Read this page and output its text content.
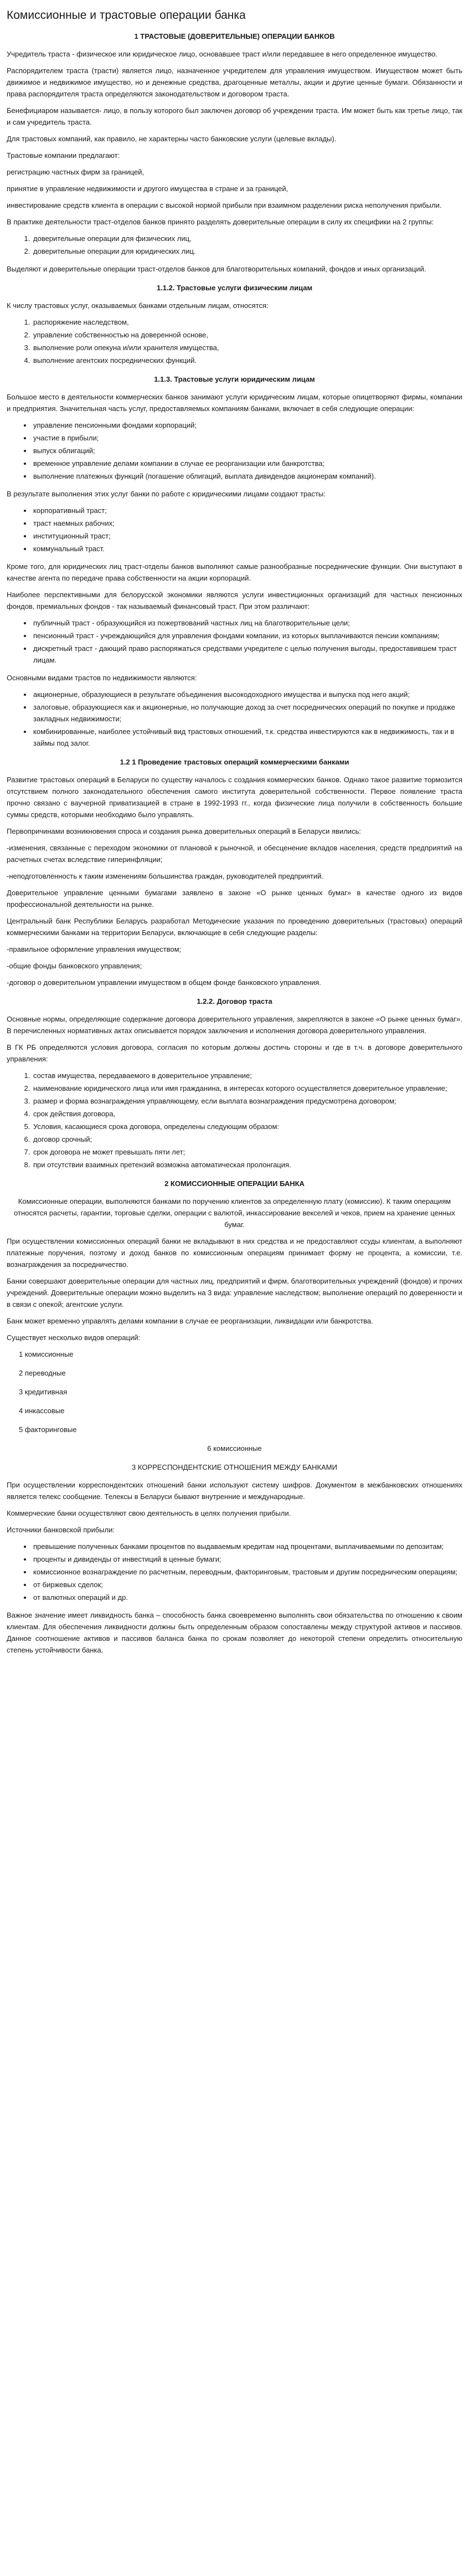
Комиссионные и трастовые операции банка
1 ТРАСТОВЫЕ (ДОВЕРИТЕЛЬНЫЕ) ОПЕРАЦИИ БАНКОВ

Учредитель траста - физическое или юридическое лицо, основавшее траст и/или передавшее в него определенное имущество.

Распорядителем траста (трасти) является лицо, назначенное учредителем для управления имуществом. Имуществом может быть движимое и недвижимое имущество, но и денежные средства, драгоценные металлы, акции и другие ценные бумаги. Обязанности и права распорядителя траста определяются законодательством и договором траста.

Бенефициаром называется- лицо, в пользу которого был заключен договор об учреждении траста. Им может быть как третье лицо, так и сам учредитель траста.

Для трастовых компаний, как правило, не характерны часто банковские услуги (целевые вклады).

Трастовые компании предлагают:

регистрацию частных фирм за границей,

принятие в управление недвижимости и другого имущества в стране и за границей,

инвестирование средств клиента в операции с высокой нормой прибыли при взаимном разделении риска неполучения прибыли.

В практике деятельности траст-отделов банков принято разделять доверительные операции в силу их специфики на 2 группы:

1. доверительные операции для физических лиц,
2. доверительные операции для юридических лиц.

Выделяют и доверительные операции траст-отделов банков для благотворительных компаний, фондов и иных организаций.

1.1.2. Трастовые услуги физическим лицам

К числу трастовых услуг, оказываемых банками отдельным лицам, относятся:

1. распоряжение наследством,
2. управление собственностью на доверенной основе,
3. выполнение роли опекуна и/или хранителя имущества,
4. выполнение агентских посреднических функций.
1.1.3. Трастовые услуги юридическим лицам

Большое место в деятельности коммерческих банков занимают услуги юридическим лицам, которые опицетворяют фирмы, компании и предприятия. Значительная часть услуг, предоставляемых компаниям банками, включает в себя следующие операции:

• управление пенсионными фондами корпораций;
• участие в прибыли;
• выпуск облигаций;
• временное управление делами компании в случае ее реорганизации или банкротства;
• выполнение платежных функций (погашение облигаций, выплата дивидендов акционерам компаний).

В результате выполнения этих услуг банки по работе с юридическими лицами создают трасты:

• корпоративный траст;
• траст наемных рабочих;
• институционный траст;
• коммунальный траст.

Кроме того, для юридических лиц траст-отделы банков выполняют самые разнообразные посреднические функции. Они выступают в качестве агента по передаче права собственности на акции корпораций.

Наиболее перспективными для белорусской экономики являются услуги инвестиционных организаций для частных пенсионных фондов, премиальных фондов - так называемый финансовый траст. При этом различают:

• публичный траст - образующийся из пожертвований частных лиц на благотворительные цели;
• пенсионный траст - учреждающийся для управления фондами компании, из которых выплачиваются пенсии компаниям;
• дискретный траст - дающий право распоряжаться средствами учредителе с целью получения выгоды, предоставившем траст лицам.

Основными видами трастов по недвижимости являются:

• акционерные, образующиеся в результате объединения высокодоходного имущества и выпуска под него акций;
• залоговые, образующиеся как и акционерные, но получающие доход за счет посреднических операций по покупке и продаже закладных недвижимости;
• комбинированные, наиболее устойчивый вид трастовых отношений, т.к. средства инвестируются как в недвижимость, так и в займы под залог.
1.2 1 Проведение трастовых операций коммерческими банками

Развитие трастовых операций в Беларуси по существу началось с создания коммерческих банков. Однако такое развитие тормозится отсутствием полного законодательного обеспечения самого института доверительной собственности. Первое появление траста прочно связано с ваучерной приватизацией в стране в 1992-1993 гг., когда физические лица получили в собственность большие суммы средств, которыми необходимо было управлять.

Первопричинами возникновения спроса и создания рынка доверительных операций в Беларуси явились:

-изменения, связанные с переходом экономики от плановой к рыночной, и обесценение вкладов населения, средств предприятий на расчетных счетах вследствие гиперинфляции;

-неподготовленность к таким изменениям большинства граждан, руководителей предприятий.

Доверительное управление ценными бумагами заявлено в законе «О рынке ценных бумаг» в качестве одного из видов профессиональной деятельности на рынке.

Центральный банк Республики Беларусь разработал Методические указания по проведению доверительных (трастовых) операций коммерческими банками на территории Беларуси, включающие в себя следующие разделы:

-правильное оформление управления имуществом;

-общие фонды банковского управления;

-договор о доверительном управлении имуществом в общем фонде банковского управления.

1.2.2. Договор траста

Основные нормы, определяющие содержание договора доверительного управления, закрепляются в законе «О рынке ценных бумаг». В перечисленных нормативных актах описывается порядок заключения и исполнения договора доверительного управления.

В ГК РБ определяются условия договора, согласия по которым должны достичь стороны и где в т.ч. в договоре доверительного управления:

1. состав имущества, передаваемого в доверительное управление;
2. наименование юридического лица или имя гражданина, в интересах которого осуществляется доверительное управление;
3. размер и форма вознаграждения управляющему, если выплата вознаграждения предусмотрена договором;
4. срок действия договора,
5. Условия, касающиеся срока договора, определены следующим образом:
6. договор срочный;
7. срок договора не может превышать пяти лет;
8. при отсутствии взаимных претензий возможна автоматическая пролонгация.
2 КОМИССИОННЫЕ ОПЕРАЦИИ БАНКА

Комиссионные операции, выполняются банками по поручению клиентов за определенную плату (комиссию). К таким операциям относятся расчеты, гарантии, торговые сделки, операции с валютой, инкассирование векселей и чеков, прием на хранение ценных бумаг.

При осуществлении комиссионных операций банки не вкладывают в них средства и не предоставляют ссуды клиентам, а выполняют платежные поручения, поэтому и доход банков по комиссионным операциям принимает форму не процента, а комиссии, т.е. вознаграждения за посредничество.

Банки совершают доверительные операции для частных лиц, предприятий и фирм, благотворительных учреждений (фондов) и прочих учреждений. Доверительные операции можно выделить на 3 вида: управление наследством; выполнение операций по доверенности и в связи с опекой; агентские услуги.

Банк может временно управлять делами компании в случае ее реорганизации, ликвидации или банкротства.

Существует несколько видов операций:

1 комиссионные
2 переводные
3 кредитивная
4 инкассовые
5 факторинговые

6 комиссионные

3 КОРРЕСПОНДЕНТСКИЕ ОТНОШЕНИЯ МЕЖДУ БАНКАМИ

При осуществлении корреспондентских отношений банки используют систему шифров. Документом в межбанковских отношениях является телекс сообщение. Телексы в Беларуси бывают внутренние и международные.

Коммерческие банки осуществляют свою деятельность в целях получения прибыли.

Источники банковской прибыли:

• превышение полученных банками процентов по выдаваемым кредитам над процентами, выплачиваемыми по депозитам;
• проценты и дивиденды от инвестиций в ценные бумаги;
• комиссионное вознаграждение по расчетным, переводным, факторинговым, трастовым и другим посредническим операциям;
• от биржевых сделок;
• от валютных операций и др.

Важное значение имеет ликвидность банка – способность банка своевременно выполнять свои обязательства по отношению к своим клиентам. Для обеспечения ликвидности должны быть определенным образом сопоставлены между структурой активов и пассивов. Данное соотношение активов и пассивов баланса банка по срокам позволяет до некоторой степени определить относительную степень устойчивости банка.
